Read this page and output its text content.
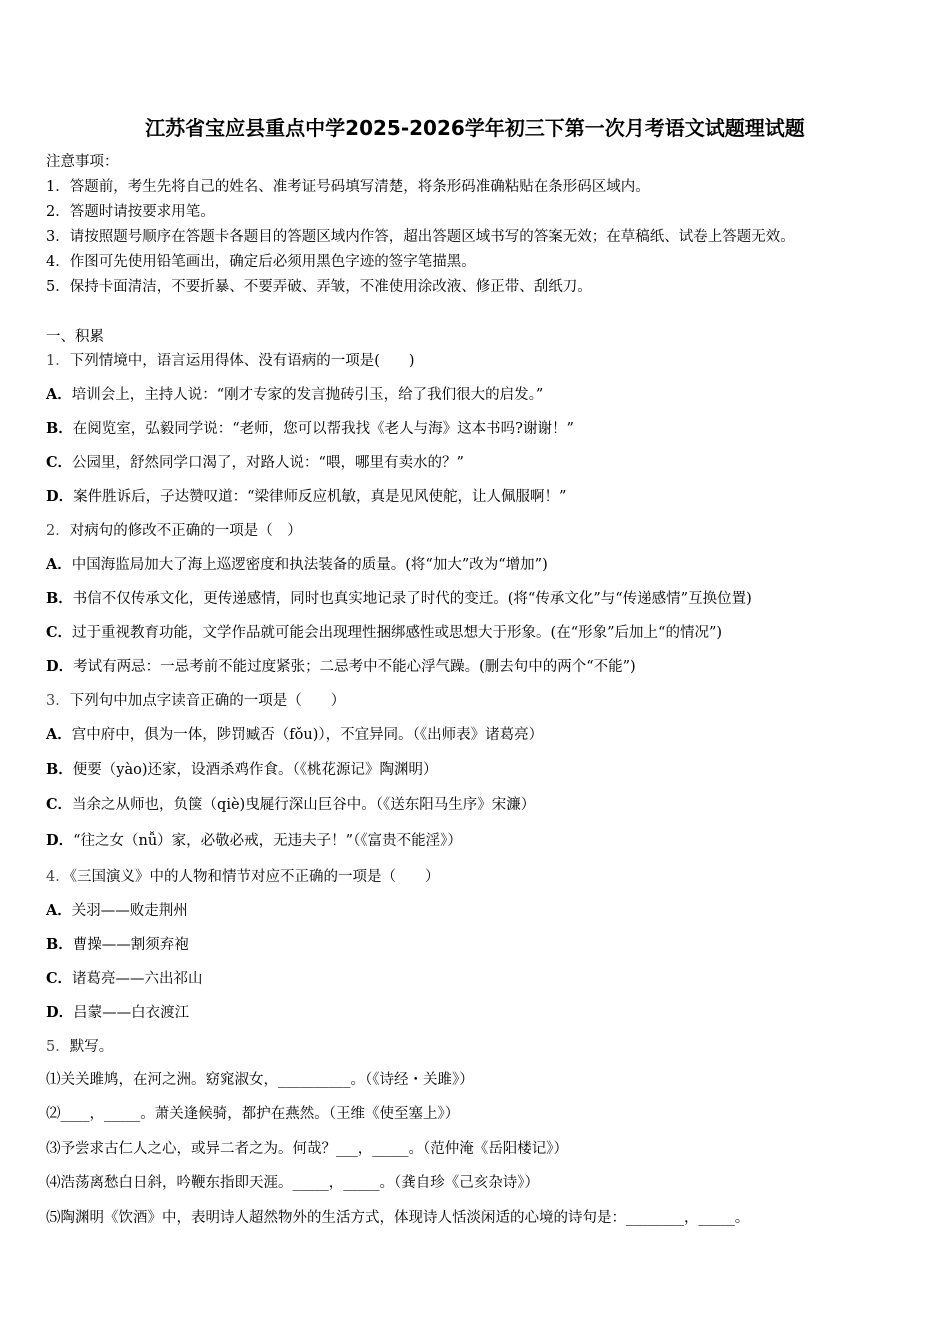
江苏省宝应县重点中学2025-2026学年初三下第一次月考语文试题理试题
注意事项：
1．答题前，考生先将自己的姓名、准考证号码填写清楚，将条形码准确粘贴在条形码区域内。
2．答题时请按要求用笔。
3．请按照题号顺序在答题卡各题目的答题区域内作答，超出答题区域书写的答案无效；在草稿纸、试卷上答题无效。
4．作图可先使用铅笔画出，确定后必须用黑色字迹的签字笔描黑。
5．保持卡面清洁，不要折暴、不要弄破、弄皱，不准使用涂改液、修正带、刮纸刀。
一、积累
1．下列情境中，语言运用得体、没有语病的一项是(　　)
A．培训会上，主持人说：“刚才专家的发言抛砖引玉，给了我们很大的启发。”
B．在阅览室，弘毅同学说：“老师，您可以帮我找《老人与海》这本书吗?谢谢！”
C．公园里，舒然同学口渴了，对路人说：“喂，哪里有卖水的？”
D．案件胜诉后，子达赞叹道：“梁律师反应机敏，真是见风使舵，让人佩服啊！”
2．对病句的修改不正确的一项是（　）
A．中国海监局加大了海上巡逻密度和执法装备的质量。(将“加大”改为“增加”)
B．书信不仅传承文化，更传递感情，同时也真实地记录了时代的变迁。(将“传承文化”与“传递感情”互换位置)
C．过于重视教育功能，文学作品就可能会出现理性捆绑感性或思想大于形象。(在“形象”后加上“的情况”)
D．考试有两忌：一忌考前不能过度紧张；二忌考中不能心浮气躁。(删去句中的两个“不能”)
3．下列句中加点字读音正确的一项是（　　）
A．宫中府中，俱为一体，陟罚臧否（fǒu)），不宜异同。（《出师表》诸葛亮）
B．便要（yào)还家，设酒杀鸡作食。（《桃花源记》陶渊明）
C．当余之从师也，负箧（qiè)曳屣行深山巨谷中。（《送东阳马生序》宋濂）
D．“往之女（nǚ）家，必敬必戒，无违夫子！”（《富贵不能淫》）
4．《三国演义》中的人物和情节对应不正确的一项是（　　）
A．关羽——败走荆州
B．曹操——割须弃袍
C．诸葛亮——六出祁山
D．吕蒙——白衣渡江
5．默写。
⑴关关雎鸠，在河之洲。窈窕淑女，__________。（《诗经・关雎》）
⑵____，_____。萧关逢候骑，都护在燕然。（王维《使至塞上》）
⑶予尝求古仁人之心，或异二者之为。何哉？___，_____。（范仲淹《岳阳楼记》）
⑷浩荡离愁白日斜，吟鞭东指即天涯。_____，_____。（龚自珍《己亥杂诗》）
⑸陶渊明《饮酒》中，表明诗人超然物外的生活方式，体现诗人恬淡闲适的心境的诗句是：________，_____。
